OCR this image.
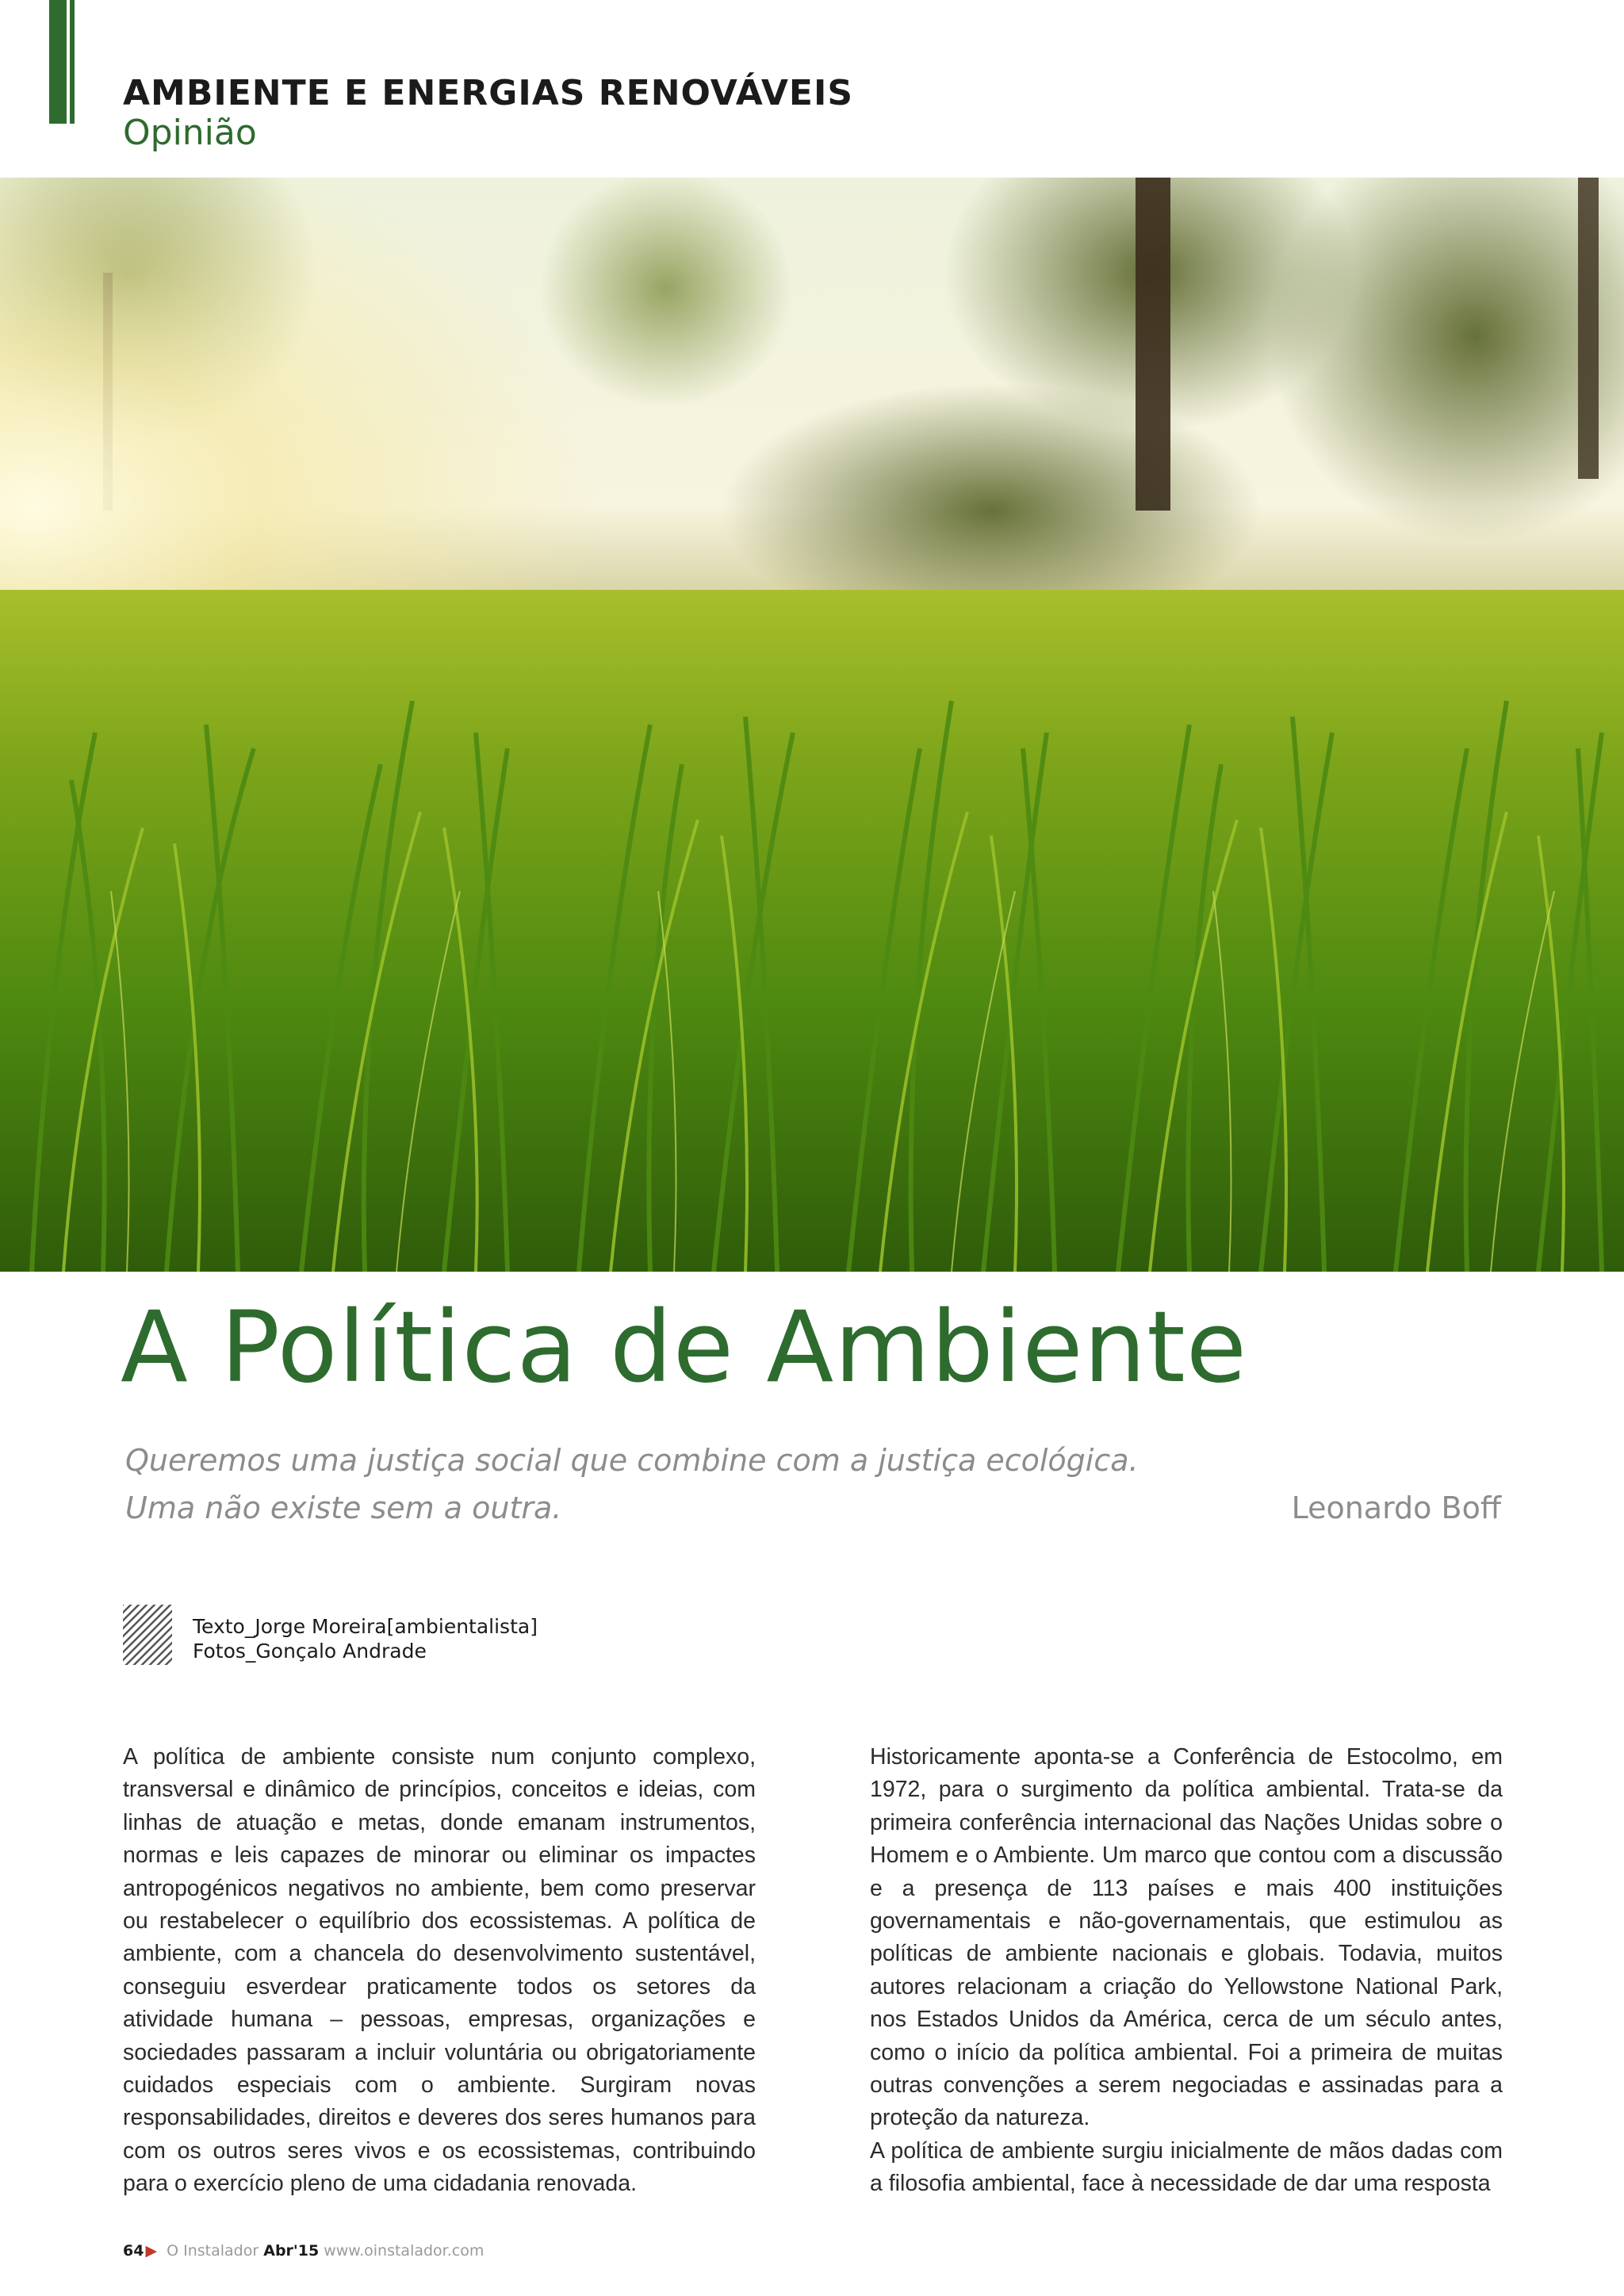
AMBIENTE E ENERGIAS RENOVÁVEIS
Opinião
A Política de Ambiente
Queremos uma justiça social que combine com a justiça ecológica.
Uma não existe sem a outra.	Leonardo Boff
Texto_Jorge Moreira[ambientalista]
Fotos_Gonçalo Andrade

A política de ambiente consiste num conjunto complexo, transversal e dinâmico de princípios, conceitos e ideias, com linhas de atuação e metas, donde emanam instrumentos, normas e leis capazes de minorar ou eliminar os impactes antropogénicos negativos no ambiente, bem como preservar ou restabelecer o equilíbrio dos ecossistemas. A política de ambiente, com a chancela do desenvolvimento sustentável, conseguiu esverdear praticamente todos os setores da atividade humana – pessoas, empresas, organizações e sociedades passaram a incluir voluntária ou obrigatoriamente cuidados especiais com o ambiente. Surgiram novas responsabilidades, direitos e deveres dos seres humanos para com os outros seres vivos e os ecossistemas, contribuindo para o exercício pleno de uma cidadania renovada.

Historicamente aponta-se a Conferência de Estocolmo, em 1972, para o surgimento da política ambiental. Trata-se da primeira conferência internacional das Nações Unidas sobre o Homem e o Ambiente. Um marco que contou com a discussão e a presença de 113 países e mais 400 instituições governamentais e não-governamentais, que estimulou as políticas de ambiente nacionais e globais. Todavia, muitos autores relacionam a criação do Yellowstone National Park, nos Estados Unidos da América, cerca de um século antes, como o início da política ambiental. Foi a primeira de muitas outras convenções a serem negociadas e assinadas para a proteção da natureza.

A política de ambiente surgiu inicialmente de mãos dadas com a filosofia ambiental, face à necessidade de dar uma resposta

64 ▶ O Instalador Abr'15 www.oinstalador.com
